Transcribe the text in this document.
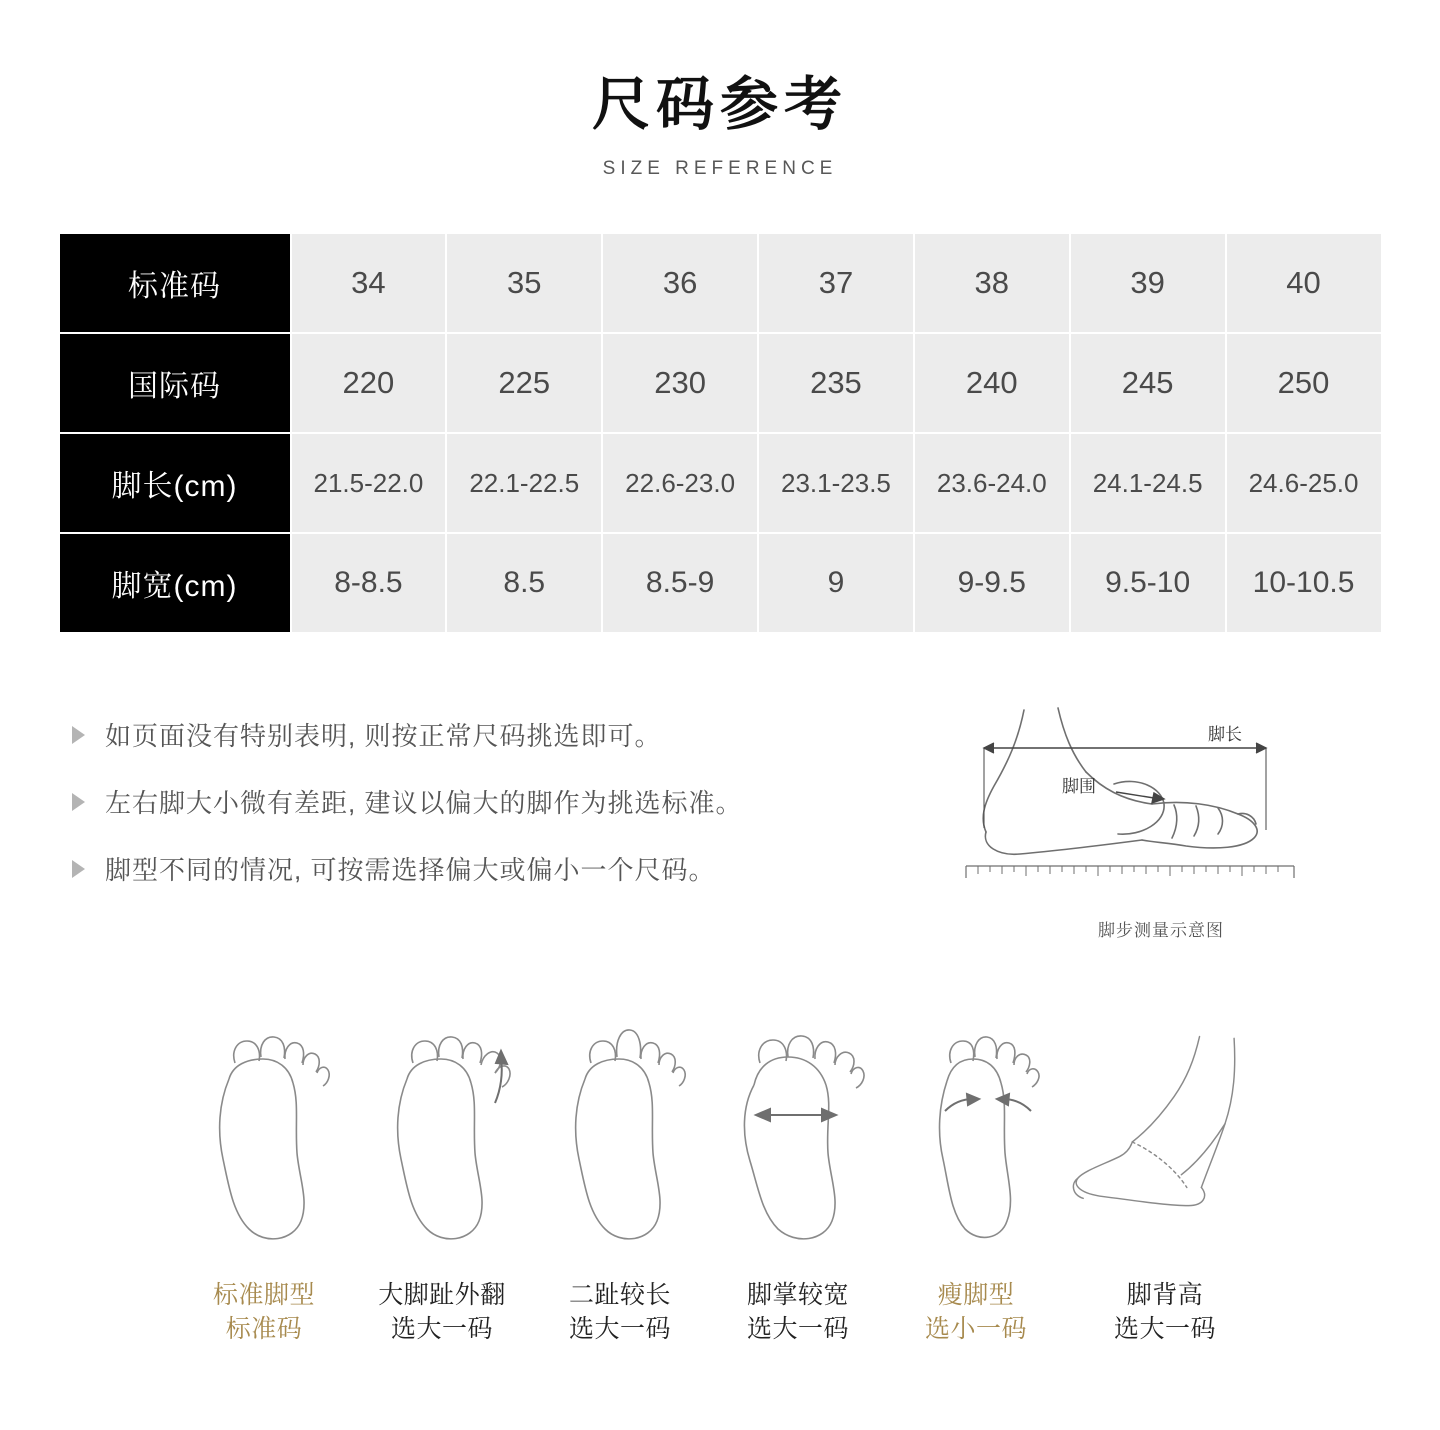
尺码参考
SIZE REFERENCE
标准码	34	35	36	37	38	39	40
国际码	220	225	230	235	240	245	250
脚长(cm)	21.5-22.0	22.1-22.5	22.6-23.0	23.1-23.5	23.6-24.0	24.1-24.5	24.6-25.0
脚宽(cm)	8-8.5	8.5	8.5-9	9	9-9.5	9.5-10	10-10.5
如页面没有特别表明, 则按正常尺码挑选即可。
左右脚大小微有差距, 建议以偏大的脚作为挑选标准。
脚型不同的情况, 可按需选择偏大或偏小一个尺码。
脚长
脚围
脚步测量示意图
标准脚型
标准码
大脚趾外翻
选大一码
二趾较长
选大一码
脚掌较宽
选大一码
瘦脚型
选小一码
脚背高
选大一码
